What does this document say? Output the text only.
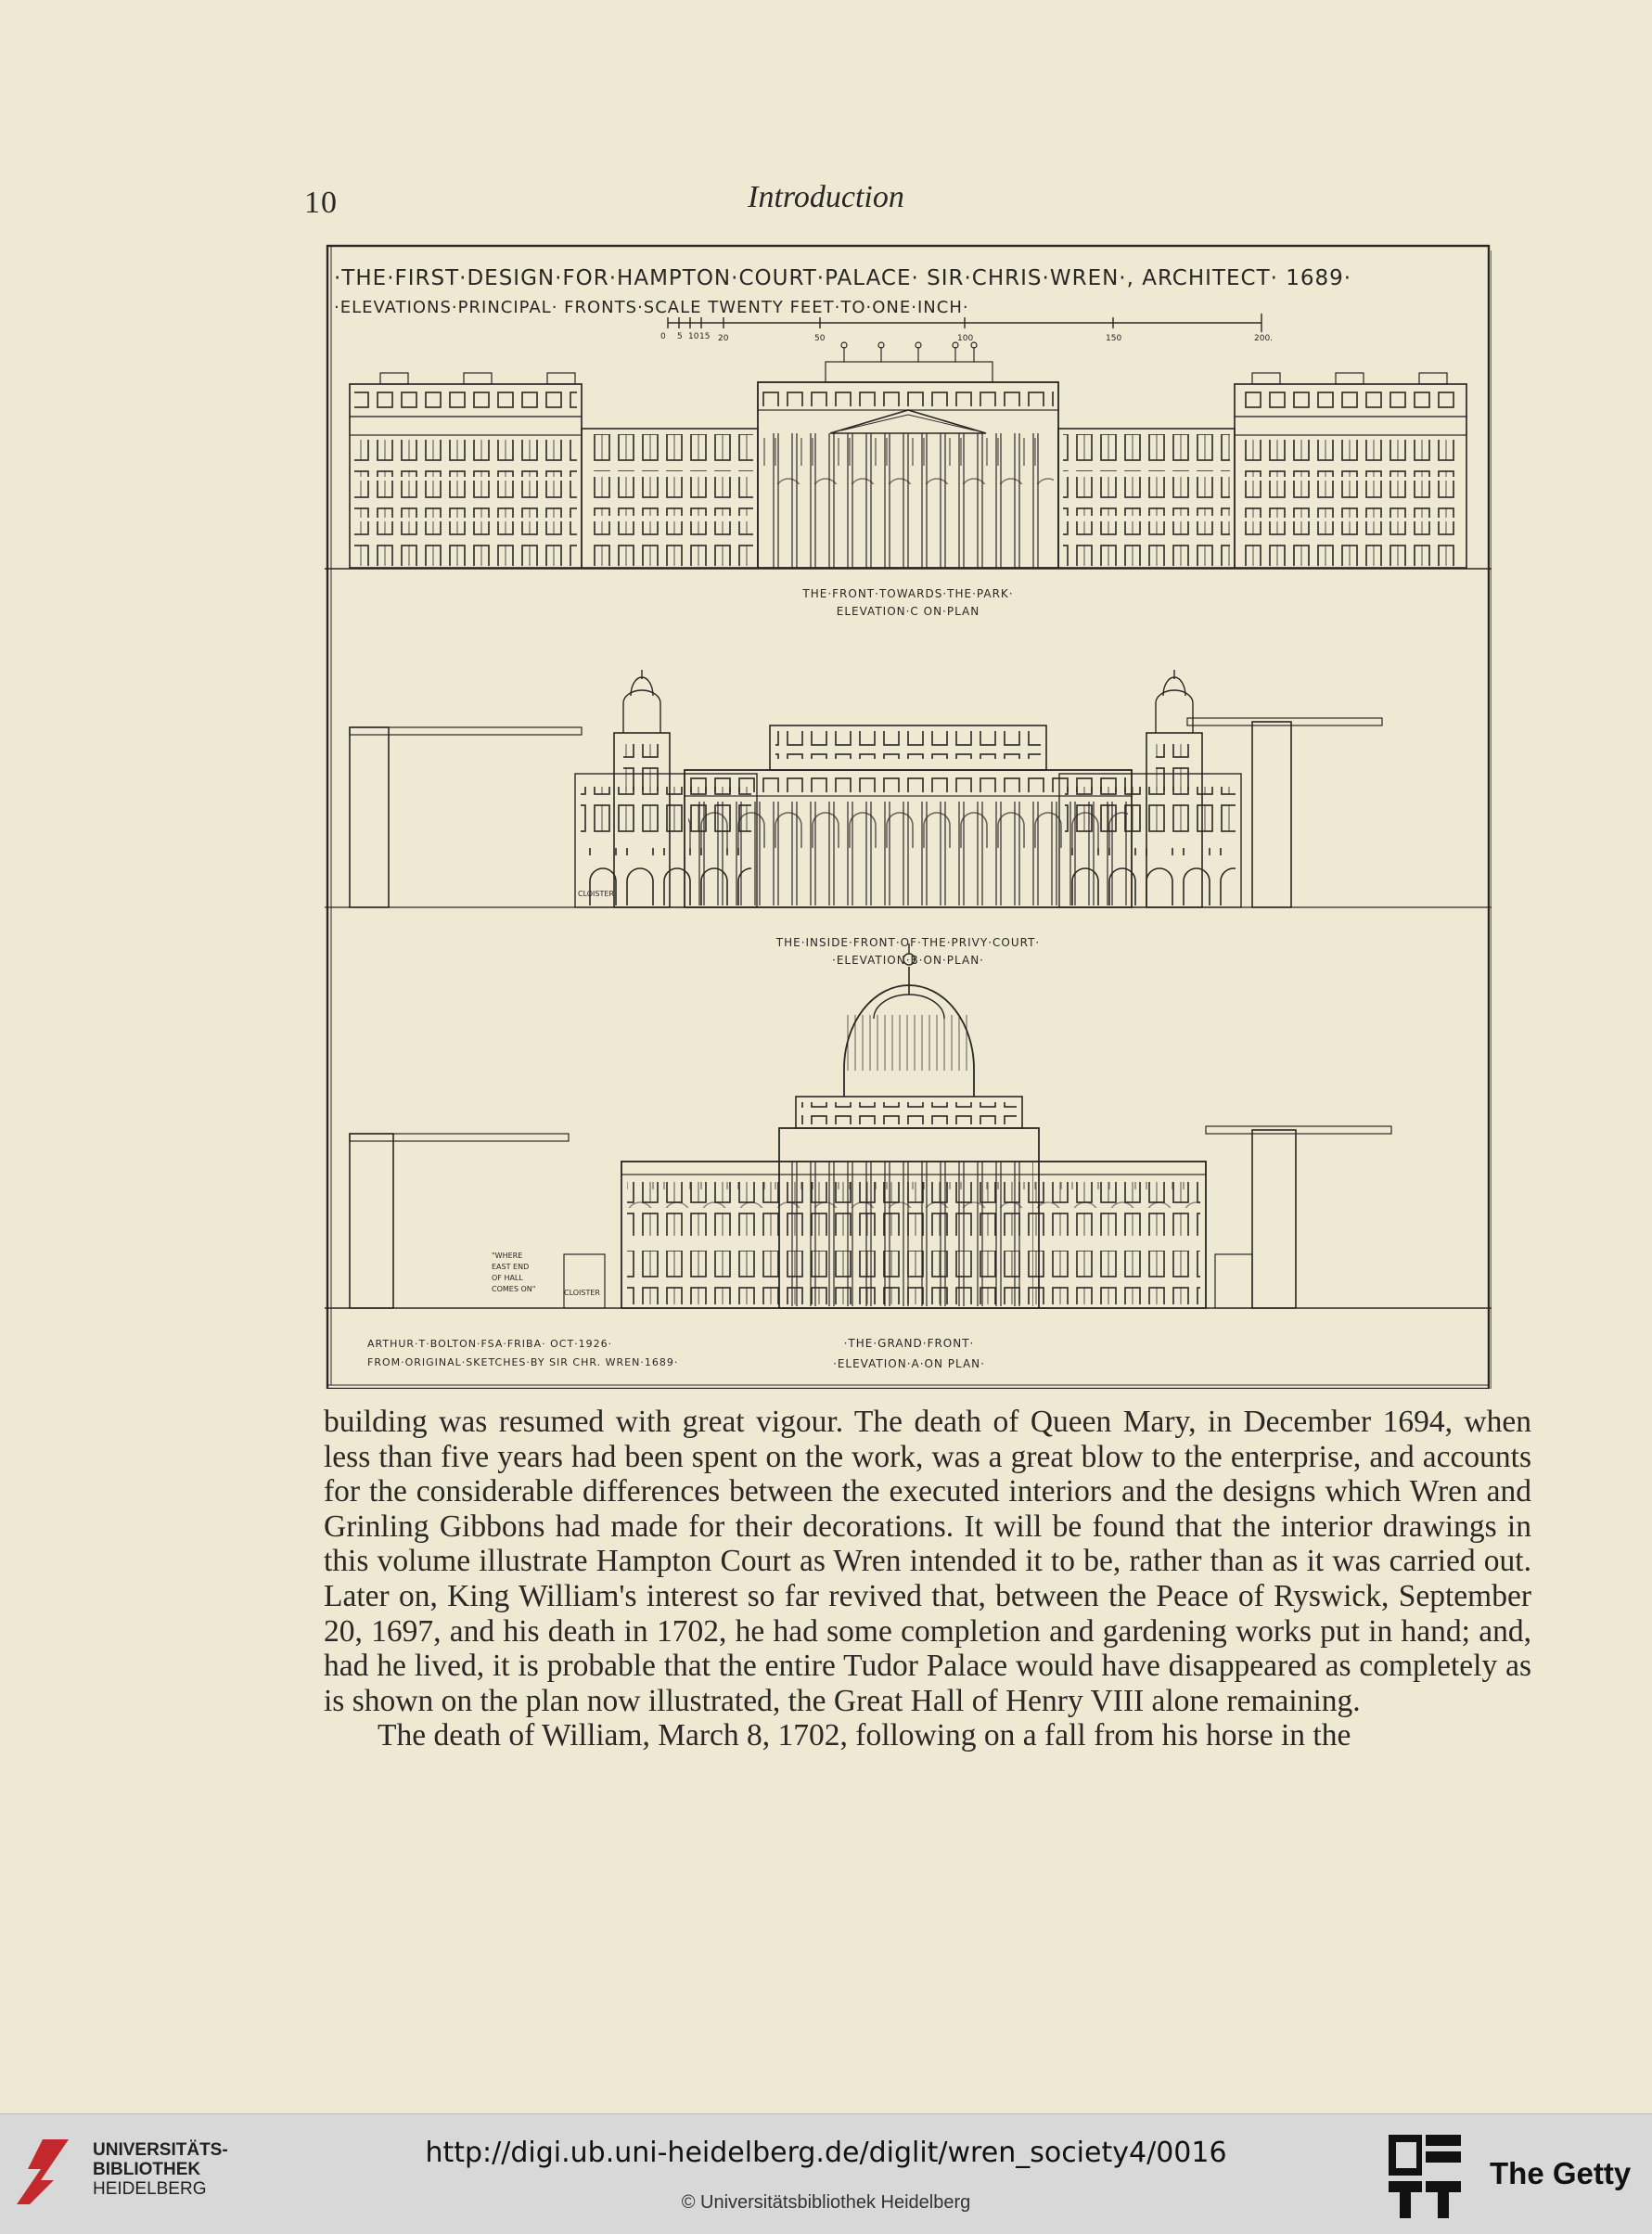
10	Introduction
·THE·FIRST·DESIGN·FOR·HAMPTON·COURT·PALACE· SIR·CHRIS·WREN·, ARCHITECT· 1689·
·ELEVATIONS·PRINCIPAL· FRONTS·SCALE TWENTY FEET·TO·ONE·INCH·
0 5 10 15 20	50	100	150	200.
THE·FRONT·TOWARDS·THE·PARK·
ELEVATION·C ON·PLAN
CLOISTER
THE·INSIDE·FRONT·OF·THE·PRIVY·COURT·
·ELEVATION·B·ON·PLAN·
"WHERE
EAST END
OF HALL
COMES ON"	CLOISTER
ARTHUR·T·BOLTON·FSA·FRIBA· OCT·1926·
FROM·ORIGINAL·SKETCHES·BY SIR CHR. WREN·1689·
·THE·GRAND·FRONT·
·ELEVATION·A·ON PLAN·

building was resumed with great vigour. The death of Queen Mary, in December 1694, when less than five years had been spent on the work, was a great blow to the enterprise, and accounts for the considerable differences between the executed interiors and the designs which Wren and Grinling Gibbons had made for their decorations. It will be found that the interior drawings in this volume illustrate Hampton Court as Wren intended it to be, rather than as it was carried out. Later on, King William's interest so far revived that, between the Peace of Ryswick, September 20, 1697, and his death in 1702, he had some completion and gardening works put in hand; and, had he lived, it is probable that the entire Tudor Palace would have disappeared as completely as is shown on the plan now illustrated, the Great Hall of Henry VIII alone remaining.

The death of William, March 8, 1702, following on a fall from his horse in the

UNIVERSITÄTS-
BIBLIOTHEK
HEIDELBERG
http://digi.ub.uni-heidelberg.de/diglit/wren_society4/0016
© Universitätsbibliothek Heidelberg
The Getty
